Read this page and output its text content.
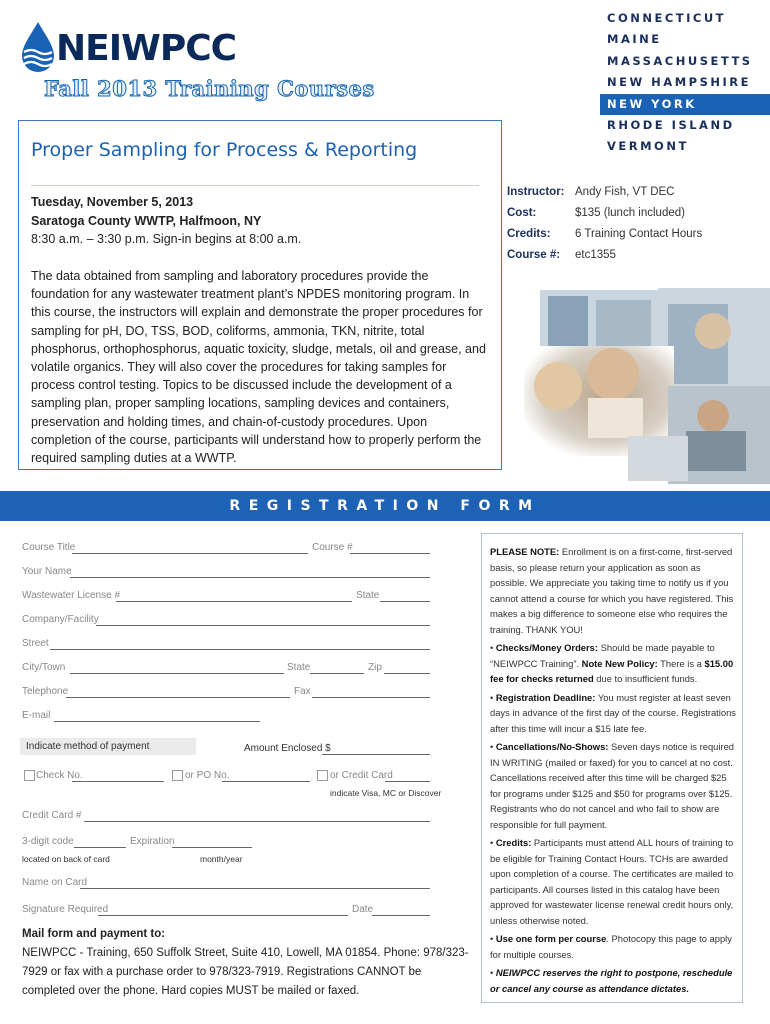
NEIWPCC
Fall 2013 Training Courses
CONNECTICUT
MAINE
MASSACHUSETTS
NEW HAMPSHIRE
NEW YORK
RHODE ISLAND
VERMONT
Proper Sampling for Process & Reporting
Tuesday, November 5, 2013
Saratoga County WWTP, Halfmoon, NY
8:30 a.m. – 3:30 p.m. Sign-in begins at 8:00 a.m.
The data obtained from sampling and laboratory procedures provide the foundation for any wastewater treatment plant’s NPDES monitoring program. In this course, the instructors will explain and demonstrate the proper procedures for sampling for pH, DO, TSS, BOD, coliforms, ammonia, TKN, nitrite, total phosphorus, orthophosphorus, aquatic toxicity, sludge, metals, oil and grease, and volatile organics. They will also cover the procedures for taking samples for process control testing. Topics to be discussed include the development of a sampling plan, proper sampling locations, sampling devices and containers, preservation and holding times, and chain-of-custody procedures. Upon completion of the course, participants will understand how to properly perform the required sampling duties at a WWTP.
Instructor: Andy Fish, VT DEC
Cost:	$135 (lunch included)
Credits: 6 Training Contact Hours
Course #: etc1355
REGISTRATION FORM
Course Title	Course #
Your Name
Wastewater License #	State
Company/Facility
Street
City/Town	State	Zip
Telephone	Fax
E-mail
Indicate method of payment	Amount Enclosed $
Check No.	or PO No.	or Credit Card
indicate Visa, MC or Discover
Credit Card #
3-digit code	Expiration
located on back of card	month/year
Name on Card
Signature Required	Date
Mail form and payment to:
NEIWPCC - Training, 650 Suffolk Street, Suite 410, Lowell, MA 01854. Phone: 978/323-7929 or fax with a purchase order to 978/323-7919. Registrations CANNOT be completed over the phone. Hard copies MUST be mailed or faxed.

PLEASE NOTE: Enrollment is on a first-come, first-served basis, so please return your application as soon as possible. We appreciate you taking time to notify us if you cannot attend a course for which you have registered. This makes a big difference to someone else who requires the training. THANK YOU!

• Checks/Money Orders: Should be made payable to “NEIWPCC Training”. Note New Policy: There is a $15.00 fee for checks returned due to insufficient funds.

• Registration Deadline: You must register at least seven days in advance of the first day of the course. Registrations after this time will incur a $15 late fee.

• Cancellations/No-Shows: Seven days notice is required IN WRITING (mailed or faxed) for you to cancel at no cost. Cancellations received after this time will be charged $25 for programs under $125 and $50 for programs over $125. Registrants who do not cancel and who fail to show are responsible for full payment.

• Credits: Participants must attend ALL hours of training to be eligible for Training Contact Hours. TCHs are awarded upon completion of a course. The certificates are mailed to participants. All courses listed in this catalog have been approved for wastewater license renewal credit hours only, unless otherwise noted.

• Use one form per course. Photocopy this page to apply for multiple courses.

• NEIWPCC reserves the right to postpone, reschedule or cancel any course as attendance dictates.
